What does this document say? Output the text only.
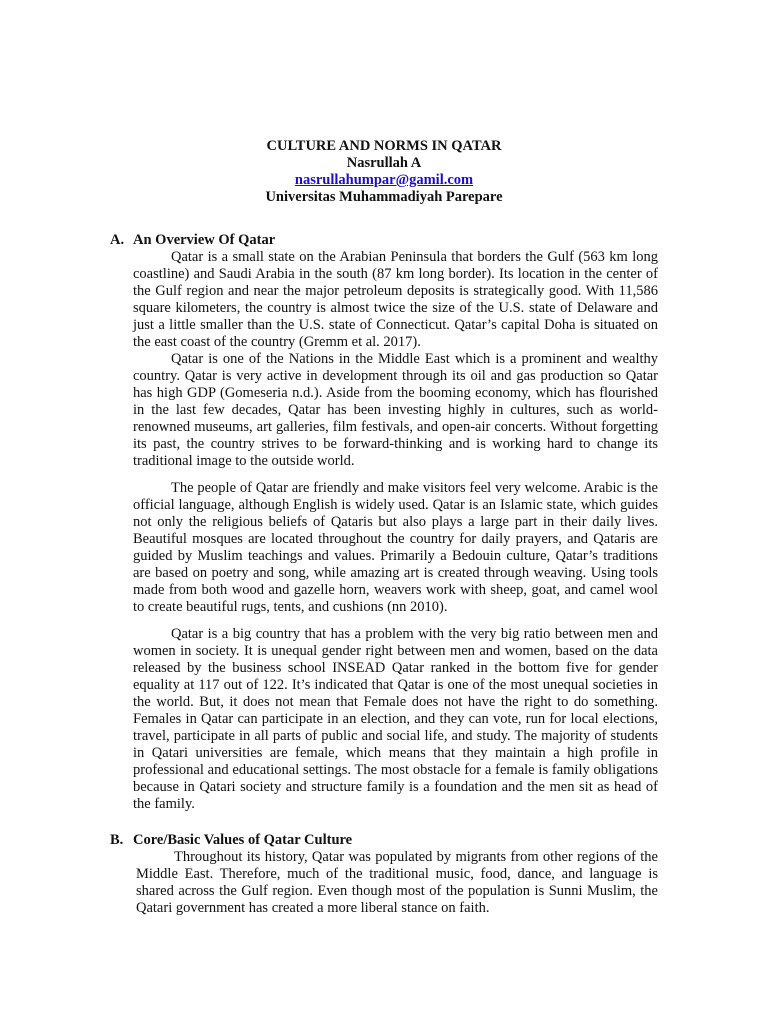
CULTURE AND NORMS IN QATAR
Nasrullah A
nasrullahumpar@gamil.com
Universitas Muhammadiyah Parepare
A. An Overview Of Qatar

Qatar is a small state on the Arabian Peninsula that borders the Gulf (563 km long coastline) and Saudi Arabia in the south (87 km long border). Its location in the center of the Gulf region and near the major petroleum deposits is strategically good. With 11,586 square kilometers, the country is almost twice the size of the U.S. state of Delaware and just a little smaller than the U.S. state of Connecticut. Qatar’s capital Doha is situated on the east coast of the country (Gremm et al. 2017).

Qatar is one of the Nations in the Middle East which is a prominent and wealthy country. Qatar is very active in development through its oil and gas production so Qatar has high GDP (Gomeseria n.d.). Aside from the booming economy, which has flourished in the last few decades, Qatar has been investing highly in cultures, such as world-renowned museums, art galleries, film festivals, and open-air concerts. Without forgetting its past, the country strives to be forward-thinking and is working hard to change its traditional image to the outside world.

The people of Qatar are friendly and make visitors feel very welcome. Arabic is the official language, although English is widely used. Qatar is an Islamic state, which guides not only the religious beliefs of Qataris but also plays a large part in their daily lives. Beautiful mosques are located throughout the country for daily prayers, and Qataris are guided by Muslim teachings and values. Primarily a Bedouin culture, Qatar’s traditions are based on poetry and song, while amazing art is created through weaving. Using tools made from both wood and gazelle horn, weavers work with sheep, goat, and camel wool to create beautiful rugs, tents, and cushions (nn 2010).

Qatar is a big country that has a problem with the very big ratio between men and women in society. It is unequal gender right between men and women, based on the data released by the business school INSEAD Qatar ranked in the bottom five for gender equality at 117 out of 122. It’s indicated that Qatar is one of the most unequal societies in the world. But, it does not mean that Female does not have the right to do something. Females in Qatar can participate in an election, and they can vote, run for local elections, travel, participate in all parts of public and social life, and study. The majority of students in Qatari universities are female, which means that they maintain a high profile in professional and educational settings. The most obstacle for a female is family obligations because in Qatari society and structure family is a foundation and the men sit as head of the family.

B. Core/Basic Values of Qatar Culture

Throughout its history, Qatar was populated by migrants from other regions of the Middle East. Therefore, much of the traditional music, food, dance, and language is shared across the Gulf region. Even though most of the population is Sunni Muslim, the Qatari government has created a more liberal stance on faith.
